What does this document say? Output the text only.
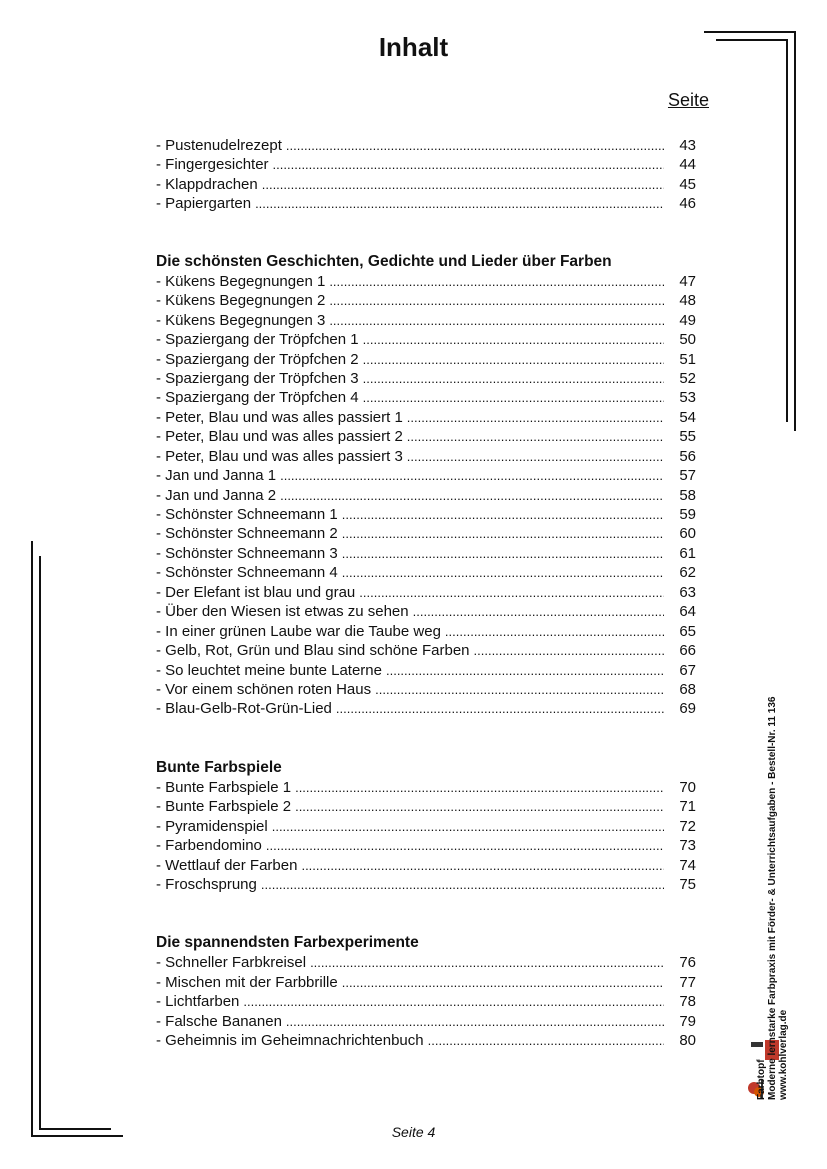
Inhalt
Seite
- Pustenudelrezept .....	43
- Fingergesichter .....	44
- Klappdrachen .....	45
- Papiergarten .....	46
Die schönsten Geschichten, Gedichte und Lieder über Farben
- Kükens Begegnungen 1 .....	47
- Kükens Begegnungen 2 .....	48
- Kükens Begegnungen 3 .....	49
- Spaziergang der Tröpfchen 1 .....	50
- Spaziergang der Tröpfchen 2 .....	51
- Spaziergang der Tröpfchen 3 .....	52
- Spaziergang der Tröpfchen 4 .....	53
- Peter, Blau und was alles passiert 1 .....	54
- Peter, Blau und was alles passiert 2 .....	55
- Peter, Blau und was alles passiert 3 .....	56
- Jan und Janna 1 .....	57
- Jan und Janna 2 .....	58
- Schönster Schneemann 1 .....	59
- Schönster Schneemann 2 .....	60
- Schönster Schneemann 3 .....	61
- Schönster Schneemann 4 .....	62
- Der Elefant ist blau und grau .....	63
- Über den Wiesen ist etwas zu sehen .....	64
- In einer grünen Laube war die Taube weg .....	65
- Gelb, Rot, Grün und Blau sind schöne Farben .....	66
- So leuchtet meine bunte Laterne .....	67
- Vor einem schönen roten Haus .....	68
- Blau-Gelb-Rot-Grün-Lied .....	69
Bunte Farbspiele
- Bunte Farbspiele 1 .....	70
- Bunte Farbspiele 2 .....	71
- Pyramidenspiel .....	72
- Farbendomino .....	73
- Wettlauf der Farben .....	74
- Froschsprung .....	75
Die spannendsten Farbexperimente
- Schneller Farbkreisel .....	76
- Mischen mit der Farbbrille .....	77
- Lichtfarben .....	78
- Falsche Bananen .....	79
- Geheimnis im Geheimnachrichtenbuch .....	80
Seite 4
Farbtopf Moderne lernstarke Farbpraxis mit Förder- & Unterrichtsaufgaben - Bestell-Nr. 11 136 www.kohlverlag.de
